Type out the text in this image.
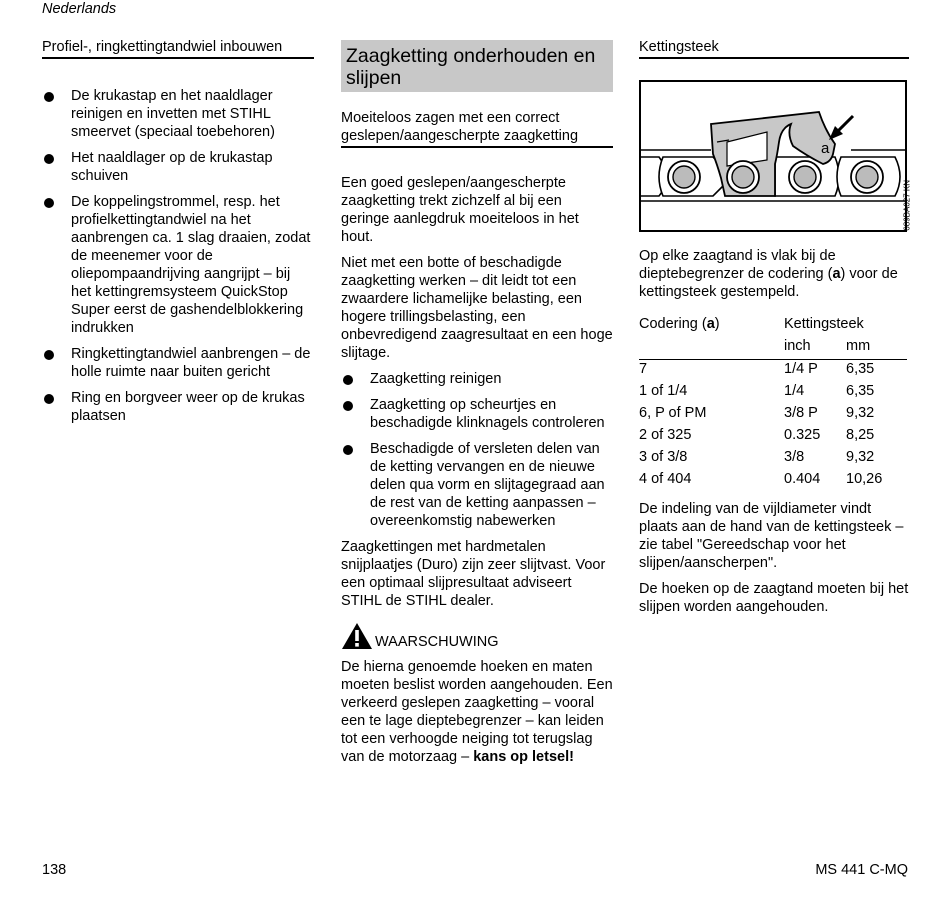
Nederlands
Profiel-, ringkettingtandwiel inbouwen
De krukastap en het naaldlager reinigen en invetten met STIHL smeervet (speciaal toebehoren)
Het naaldlager op de krukastap schuiven
De koppelingstrommel, resp. het profielkettingtandwiel na het aanbrengen ca. 1 slag draaien, zodat de meenemer voor de oliepompaandrijving aangrijpt – bij het kettingremsysteem QuickStop Super eerst de gashendelblokkering indrukken
Ringkettingtandwiel aanbrengen – de holle ruimte naar buiten gericht
Ring en borgveer weer op de krukas plaatsen
Zaagketting onderhouden en slijpen
Moeiteloos zagen met een correct geslepen/aangescherpte zaagketting

Een goed geslepen/aangescherpte zaagketting trekt zichzelf al bij een geringe aanlegdruk moeiteloos in het hout.

Niet met een botte of beschadigde zaagketting werken – dit leidt tot een zwaardere lichamelijke belasting, een hogere trillingsbelasting, een onbevredigend zaagresultaat en een hoge slijtage.

Zaagketting reinigen
Zaagketting op scheurtjes en beschadigde klinknagels controleren
Beschadigde of versleten delen van de ketting vervangen en de nieuwe delen qua vorm en slijtagegraad aan de rest van de ketting aanpassen – overeenkomstig nabewerken

Zaagkettingen met hardmetalen snijplaatjes (Duro) zijn zeer slijtvast. Voor een optimaal slijpresultaat adviseert STIHL de STIHL dealer.

WAARSCHUWING

De hierna genoemde hoeken en maten moeten beslist worden aangehouden. Een verkeerd geslepen zaagketting – vooral een te lage dieptebegrenzer – kan leiden tot een verhoogde neiging tot terugslag van de motorzaag – kans op letsel!

Kettingsteek
a
689BA027 KN

Op elke zaagtand is vlak bij de dieptebegrenzer de codering (a) voor de kettingsteek gestempeld.

Codering (a)	Kettingsteek	
	inch	mm
7	1/4 P	6,35
1 of 1/4	1/4	6,35
6, P of PM	3/8 P	9,32
2 of 325	0.325	8,25
3 of 3/8	3/8	9,32
4 of 404	0.404	10,26

De indeling van de vijldiameter vindt plaats aan de hand van de kettingsteek – zie tabel "Gereedschap voor het slijpen/aanscherpen".

De hoeken op de zaagtand moeten bij het slijpen worden aangehouden.

138	MS 441 C-MQ
